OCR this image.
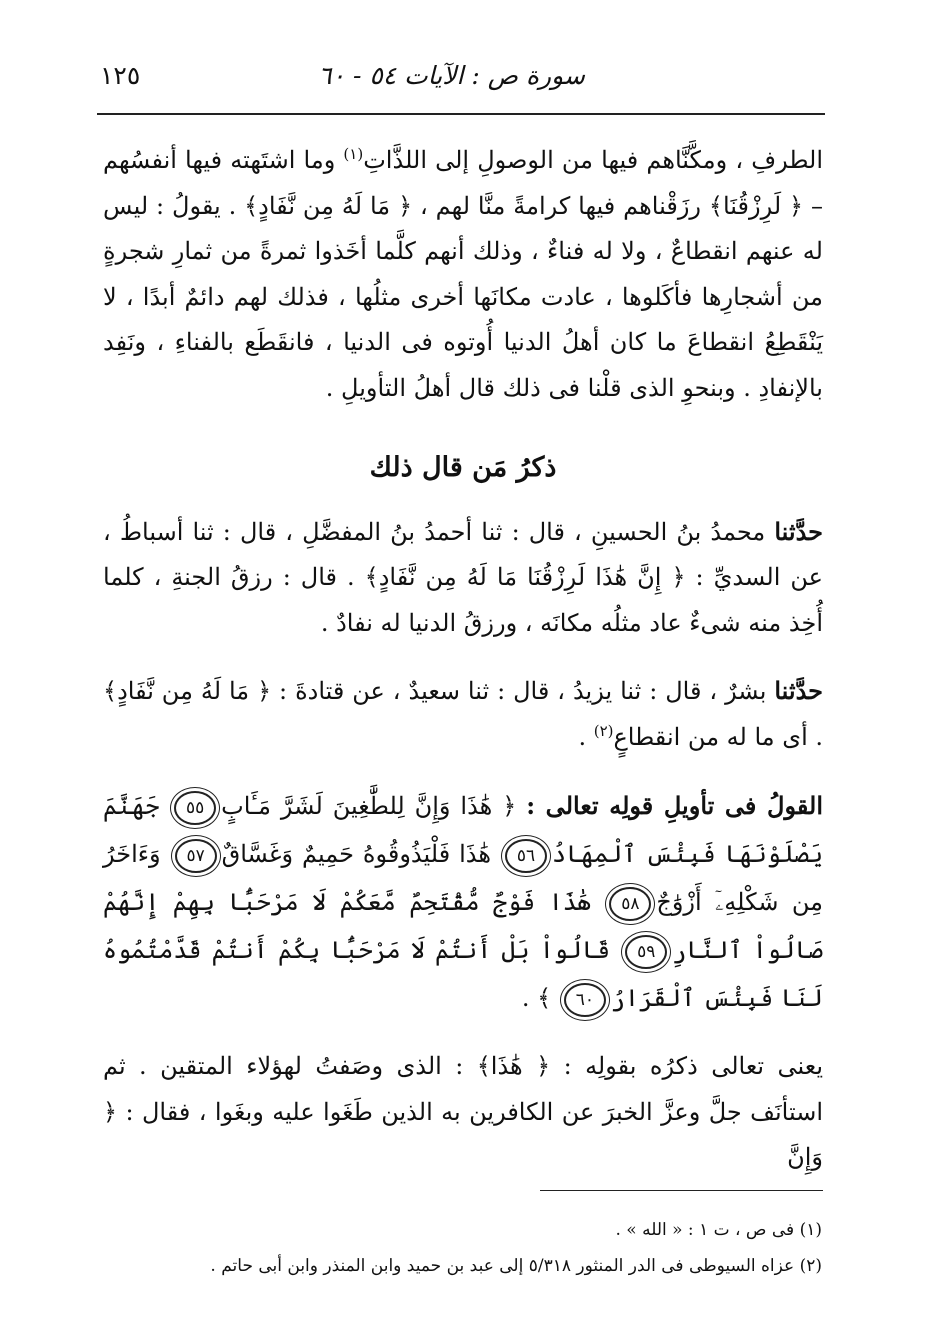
سورة ص : الآيات ٥٤ - ٦٠
١٢٥

الطرفِ ، ومكَّنَّاهم فيها من الوصولِ إلى اللذَّاتِ$^{(١)}$ وما اشتَهته فيها أنفسُهم – ﴿ لَرِزْقُنَا﴾ رزَقْناهم فيها كرامةً منَّا لهم ، ﴿ مَا لَهُ مِن نَّفَادٍ﴾ . يقولُ : ليس له عنهم انقطاعٌ ، ولا له فناءٌ ، وذلك أنهم كلَّما أخَذوا ثمرةً من ثمارِ شجرةٍ من أشجارِها فأكَلوها ، عادت مكانَها أخرى مثلُها ، فذلك لهم دائمٌ أبدًا ، لا يَنْقَطِعُ انقطاعَ ما كان أهلُ الدنيا أُوتوه فى الدنيا ، فانقَطَع بالفناءِ ، ونَفِد بالإنفادِ . وبنحوِ الذى قلْنا فى ذلك قال أهلُ التأويلِ .

ذكرُ مَن قال ذلك

حدَّثنا محمدُ بنُ الحسينِ ، قال : ثنا أحمدُ بنُ المفضَّلِ ، قال : ثنا أسباطُ ، عن السديِّ : ﴿ إِنَّ هَٰذَا لَرِزْقُنَا مَا لَهُ مِن نَّفَادٍ﴾ . قال : رزقُ الجنةِ ، كلما أُخِذ منه شىءٌ عاد مثلُه مكانَه ، ورزقُ الدنيا له نفادٌ .

حدَّثنا بشرٌ ، قال : ثنا يزيدُ ، قال : ثنا سعيدٌ ، عن قتادةَ : ﴿ مَا لَهُ مِن نَّفَادٍ﴾ . أى ما له من انقطاعٍ$^{(٢)}$ .

القولُ فى تأويلِ قولِه تعالى : ﴿ هَٰذَا وَإِنَّ لِلطَّٰغِينَ لَشَرَّ مَـَٔابٍ٥٥ جَهَنَّمَ يَصْلَوْنَهَا فَبِئْسَ ٱلْمِهَادُ٥٦ هَٰذَا فَلْيَذُوقُوهُ حَمِيمٌ وَغَسَّاقٌ٥٧ وَءَاخَرُ مِن شَكْلِهِۦٓ أَزْوَٰجٌ٥٨ هَٰذَا فَوْجٌ مُّقْتَحِمٌ مَّعَكُمْ لَا مَرْحَبًۢا بِهِمْ إِنَّهُمْ صَالُواْ ٱلنَّارِ٥٩ قَالُواْ بَلْ أَنتُمْ لَا مَرْحَبًۢا بِكُمْ أَنتُمْ قَدَّمْتُمُوهُ لَنَا فَبِئْسَ ٱلْقَرَارُ٦٠ ﴾ .

يعنى تعالى ذكرُه بقولِه : ﴿ هَٰذَا﴾ : الذى وصَفتُ لهؤلاء المتقين . ثم استأنَف جلَّ وعزَّ الخبرَ عن الكافرين به الذين طَغَوا عليه وبغَوا ، فقال : ﴿ وَإِنَّ

(١) فى ص ، ت ١ : « الله » .
(٢) عزاه السيوطى فى الدر المنثور ٥/٣١٨ إلى عبد بن حميد وابن المنذر وابن أبى حاتم .
